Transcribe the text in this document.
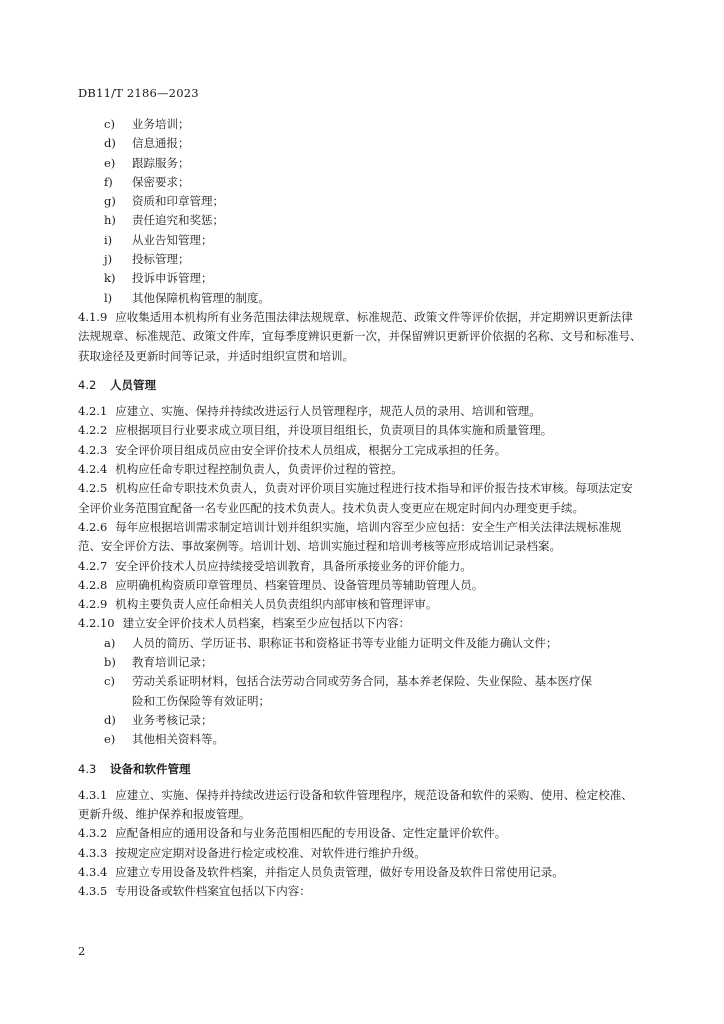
DB11/T 2186—2023
c)	业务培训；
d)	信息通报；
e)	跟踪服务；
f)	保密要求；
g)	资质和印章管理；
h)	责任追究和奖惩；
i)	从业告知管理；
j)	投标管理；
k)	投诉申诉管理；
l)	其他保障机构管理的制度。
4.1.9 应收集适用本机构所有业务范围法律法规规章、标准规范、政策文件等评价依据，并定期辨识更新法律法规规章、标准规范、政策文件库，宜每季度辨识更新一次，并保留辨识更新评价依据的名称、文号和标准号、获取途径及更新时间等记录，并适时组织宣贯和培训。
4.2 人员管理
4.2.1 应建立、实施、保持并持续改进运行人员管理程序，规范人员的录用、培训和管理。
4.2.2 应根据项目行业要求成立项目组，并设项目组组长，负责项目的具体实施和质量管理。
4.2.3 安全评价项目组成员应由安全评价技术人员组成，根据分工完成承担的任务。
4.2.4 机构应任命专职过程控制负责人，负责评价过程的管控。
4.2.5 机构应任命专职技术负责人，负责对评价项目实施过程进行技术指导和评价报告技术审核。每项法定安全评价业务范围宜配备一名专业匹配的技术负责人。技术负责人变更应在规定时间内办理变更手续。
4.2.6 每年应根据培训需求制定培训计划并组织实施，培训内容至少应包括：安全生产相关法律法规标准规范、安全评价方法、事故案例等。培训计划、培训实施过程和培训考核等应形成培训记录档案。
4.2.7 安全评价技术人员应持续接受培训教育，具备所承接业务的评价能力。
4.2.8 应明确机构资质印章管理员、档案管理员、设备管理员等辅助管理人员。
4.2.9 机构主要负责人应任命相关人员负责组织内部审核和管理评审。
4.2.10 建立安全评价技术人员档案，档案至少应包括以下内容：
a)	人员的简历、学历证书、职称证书和资格证书等专业能力证明文件及能力确认文件；
b)	教育培训记录；
c)	劳动关系证明材料，包括合法劳动合同或劳务合同，基本养老保险、失业保险、基本医疗保
险和工伤保险等有效证明；
d)	业务考核记录；
e)	其他相关资料等。
4.3 设备和软件管理
4.3.1 应建立、实施、保持并持续改进运行设备和软件管理程序，规范设备和软件的采购、使用、检定校准、更新升级、维护保养和报废管理。
4.3.2 应配备相应的通用设备和与业务范围相匹配的专用设备、定性定量评价软件。
4.3.3 按规定应定期对设备进行检定或校准、对软件进行维护升级。
4.3.4 应建立专用设备及软件档案，并指定人员负责管理，做好专用设备及软件日常使用记录。
4.3.5 专用设备或软件档案宜包括以下内容：
2
